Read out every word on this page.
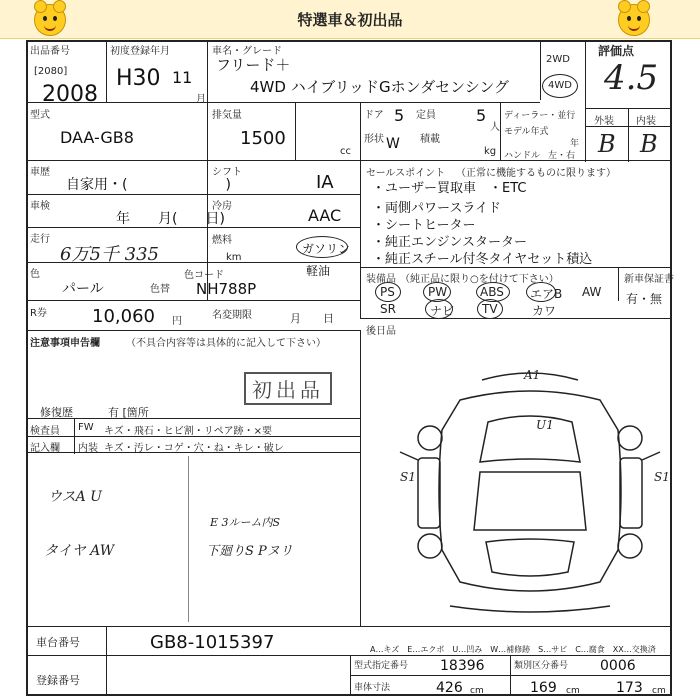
特選車＆初出品
出品番号
[2080]
2008
初度登録年月
H30 11
月
型式
DAA-GB8
車歴
自家用・(　　　　　　　)
車検
年　　月(　　日)
走行
6万5千 335	km
色
パール	色替
R券	10,060 円
注意事項申告欄	（不具合内容等は具体的に記入して下さい）
初出品
修復歴	有 [箇所
検査員
記入欄
FW キズ・飛石・ヒビ割・リペア跡・×要
内装 キズ・汚レ・コゲ・穴・ね・キレ・破レ
ウスA U
タイヤ AW
E 3ルーム内S
下廻りS Pヌリ
車名・グレード
フリード＋
4WD ハイブリッドGホンダセンシング
排気量
1500
cc
ドア 5 定員	5
人
形状 W 積載
kg
シフト	IA
冷房	AAC
燃料
ガソリン
軽油
色コード
NH788P
名変期限	月　　日
2WD
4WD
評価点
4.5
外装 内装
B B
ディーラー・並行
モデル年式
年
ハンドル 左・右
セールスポイント （正常に機能するものに限ります）
・ユーザー買取車　・ETC
・両側パワースライド
・シートヒーター
・純正エンジンスターター
・純正スチール付冬タイヤセット積込
装備品 （純正品に限り○を付けて下さい）	新車保証書
有・無
PS	PW	ABS エアB AW
SR	ナビ TV	カワ
後日品
A1
U1
S1	S1
車台番号	GB8-1015397
登録番号
A…キズ　E…エクボ　U…凹み　W…補修跡　S…サビ　C…腐食　XX…交換済
型式指定番号 18396	類別区分番号 0006
車体寸法	426 cm	169 cm	173 cm
